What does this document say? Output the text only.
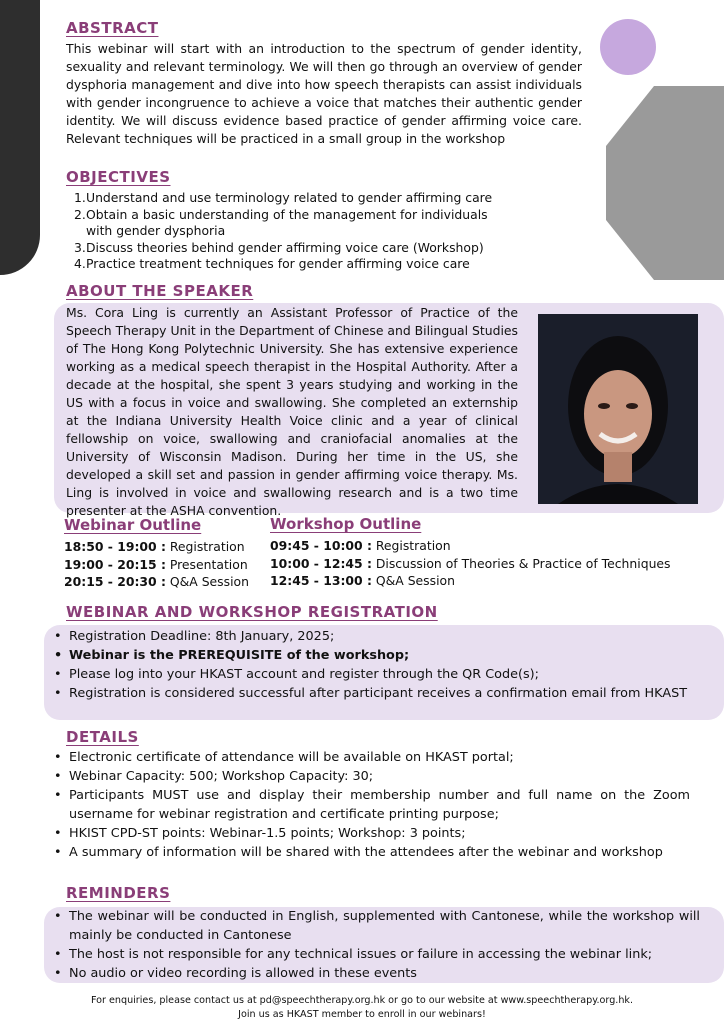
ABSTRACT

This webinar will start with an introduction to the spectrum of gender identity, sexuality and relevant terminology. We will then go through an overview of gender dysphoria management and dive into how speech therapists can assist individuals with gender incongruence to achieve a voice that matches their authentic gender identity. We will discuss evidence based practice of gender affirming voice care. Relevant techniques will be practiced in a small group in the workshop

OBJECTIVES
1. Understand and use terminology related to gender affirming care
2. Obtain a basic understanding of the management for individuals with gender dysphoria
3. Discuss theories behind gender affirming voice care (Workshop)
4. Practice treatment techniques for gender affirming voice care
ABOUT THE SPEAKER

Ms. Cora Ling is currently an Assistant Professor of Practice of the Speech Therapy Unit in the Department of Chinese and Bilingual Studies of The Hong Kong Polytechnic University. She has extensive experience working as a medical speech therapist in the Hospital Authority. After a decade at the hospital, she spent 3 years studying and working in the US with a focus in voice and swallowing. She completed an externship at the Indiana University Health Voice clinic and a year of clinical fellowship on voice, swallowing and craniofacial anomalies at the University of Wisconsin Madison. During her time in the US, she developed a skill set and passion in gender affirming voice therapy. Ms. Ling is involved in voice and swallowing research and is a two time presenter at the ASHA convention.

Webinar Outline
18:50 - 19:00 : Registration
19:00 - 20:15 : Presentation
20:15 - 20:30 : Q&A Session
Workshop Outline
09:45 - 10:00 : Registration
10:00 - 12:45 : Discussion of Theories & Practice of Techniques
12:45 - 13:00 : Q&A Session
WEBINAR AND WORKSHOP REGISTRATION
• Registration Deadline: 8th January, 2025;
• Webinar is the PREREQUISITE of the workshop;
• Please log into your HKAST account and register through the QR Code(s);
• Registration is considered successful after participant receives a confirmation email from HKAST
DETAILS
• Electronic certificate of attendance will be available on HKAST portal;
• Webinar Capacity: 500; Workshop Capacity: 30;
• Participants MUST use and display their membership number and full name on the Zoom username for webinar registration and certificate printing purpose;
• HKIST CPD-ST points: Webinar-1.5 points; Workshop: 3 points;
• A summary of information will be shared with the attendees after the webinar and workshop
REMINDERS
• The webinar will be conducted in English, supplemented with Cantonese, while the workshop will mainly be conducted in Cantonese
• The host is not responsible for any technical issues or failure in accessing the webinar link;
• No audio or video recording is allowed in these events
For enquiries, please contact us at pd@speechtherapy.org.hk or go to our website at www.speechtherapy.org.hk.
Join us as HKAST member to enroll in our webinars!
